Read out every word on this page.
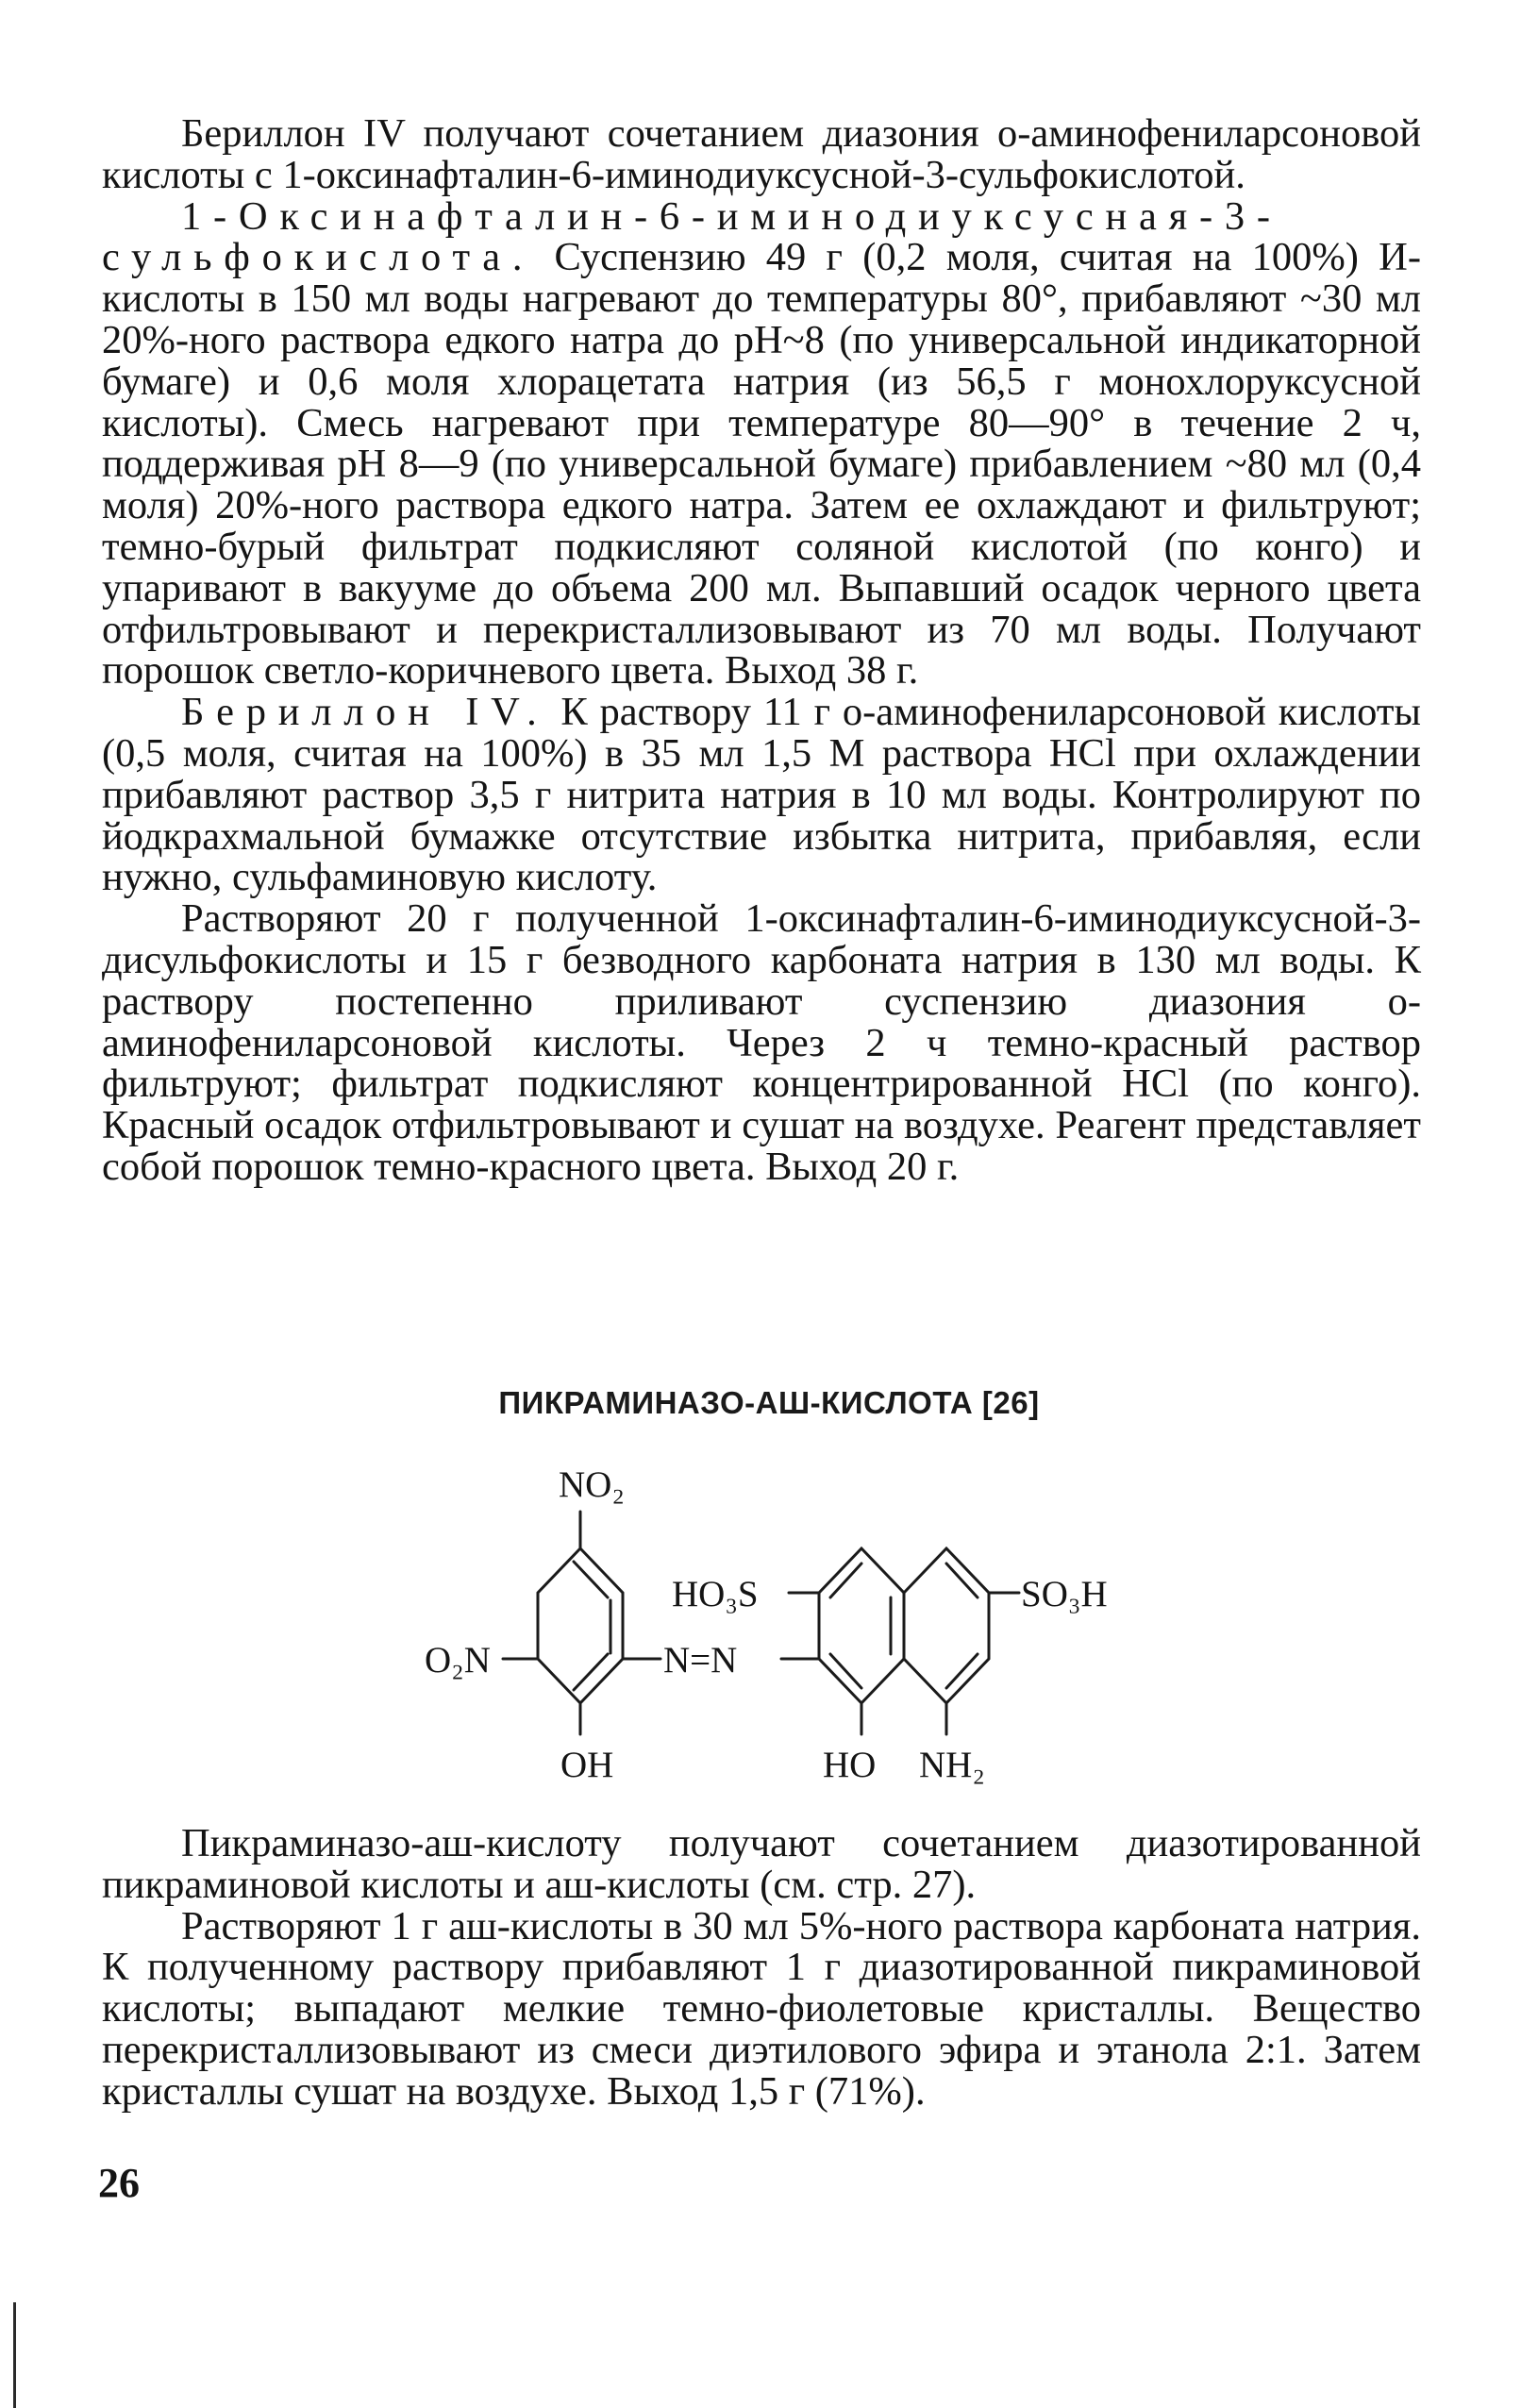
Бериллон IV получают сочетанием диазония о-аминофениларсоновой кислоты с 1-оксинафталин-6-иминодиуксусной-3-сульфокислотой.

1-Оксинафталин-6-иминодиуксусная-3-сульфокислота. Суспензию 49 г (0,2 моля, считая на 100%) И-кислоты в 150 мл воды нагревают до температуры 80°, прибавляют ~30 мл 20%-ного раствора едкого натра до pH~8 (по универсальной индикаторной бумаге) и 0,6 моля хлорацетата натрия (из 56,5 г монохлоруксусной кислоты). Смесь нагревают при температуре 80—90° в течение 2 ч, поддерживая pH 8—9 (по универсальной бумаге) прибавлением ~80 мл (0,4 моля) 20%-ного раствора едкого натра. Затем ее охлаждают и фильтруют; темно-бурый фильтрат подкисляют соляной кислотой (по конго) и упаривают в вакууме до объема 200 мл. Выпавший осадок черного цвета отфильтровывают и перекристаллизовывают из 70 мл воды. Получают порошок светло-коричневого цвета. Выход 38 г.

Бериллон IV. К раствору 11 г о-аминофениларсоновой кислоты (0,5 моля, считая на 100%) в 35 мл 1,5 М раствора HCl при охлаждении прибавляют раствор 3,5 г нитрита натрия в 10 мл воды. Контролируют по йодкрахмальной бумажке отсутствие избытка нитрита, прибавляя, если нужно, сульфаминовую кислоту.

Растворяют 20 г полученной 1-оксинафталин-6-иминодиуксусной-3-дисульфокислоты и 15 г безводного карбоната натрия в 130 мл воды. К раствору постепенно приливают суспензию диазония о-аминофениларсоновой кислоты. Через 2 ч темно-красный раствор фильтруют; фильтрат подкисляют концентрированной HCl (по конго). Красный осадок отфильтровывают и сушат на воздухе. Реагент представляет собой порошок темно-красного цвета. Выход 20 г.

ПИКРАМИНАЗО-АШ-КИСЛОТА [26]
NO₂
O₂N
OH
N=N
HO₃S	SO₃H
HO NH₂

Пикраминазо-аш-кислоту получают сочетанием диазотированной пикраминовой кислоты и аш-кислоты (см. стр. 27).

Растворяют 1 г аш-кислоты в 30 мл 5%-ного раствора карбоната натрия. К полученному раствору прибавляют 1 г диазотированной пикраминовой кислоты; выпадают мелкие темно-фиолетовые кристаллы. Вещество перекристаллизовывают из смеси диэтилового эфира и этанола 2:1. Затем кристаллы сушат на воздухе. Выход 1,5 г (71%).

26
